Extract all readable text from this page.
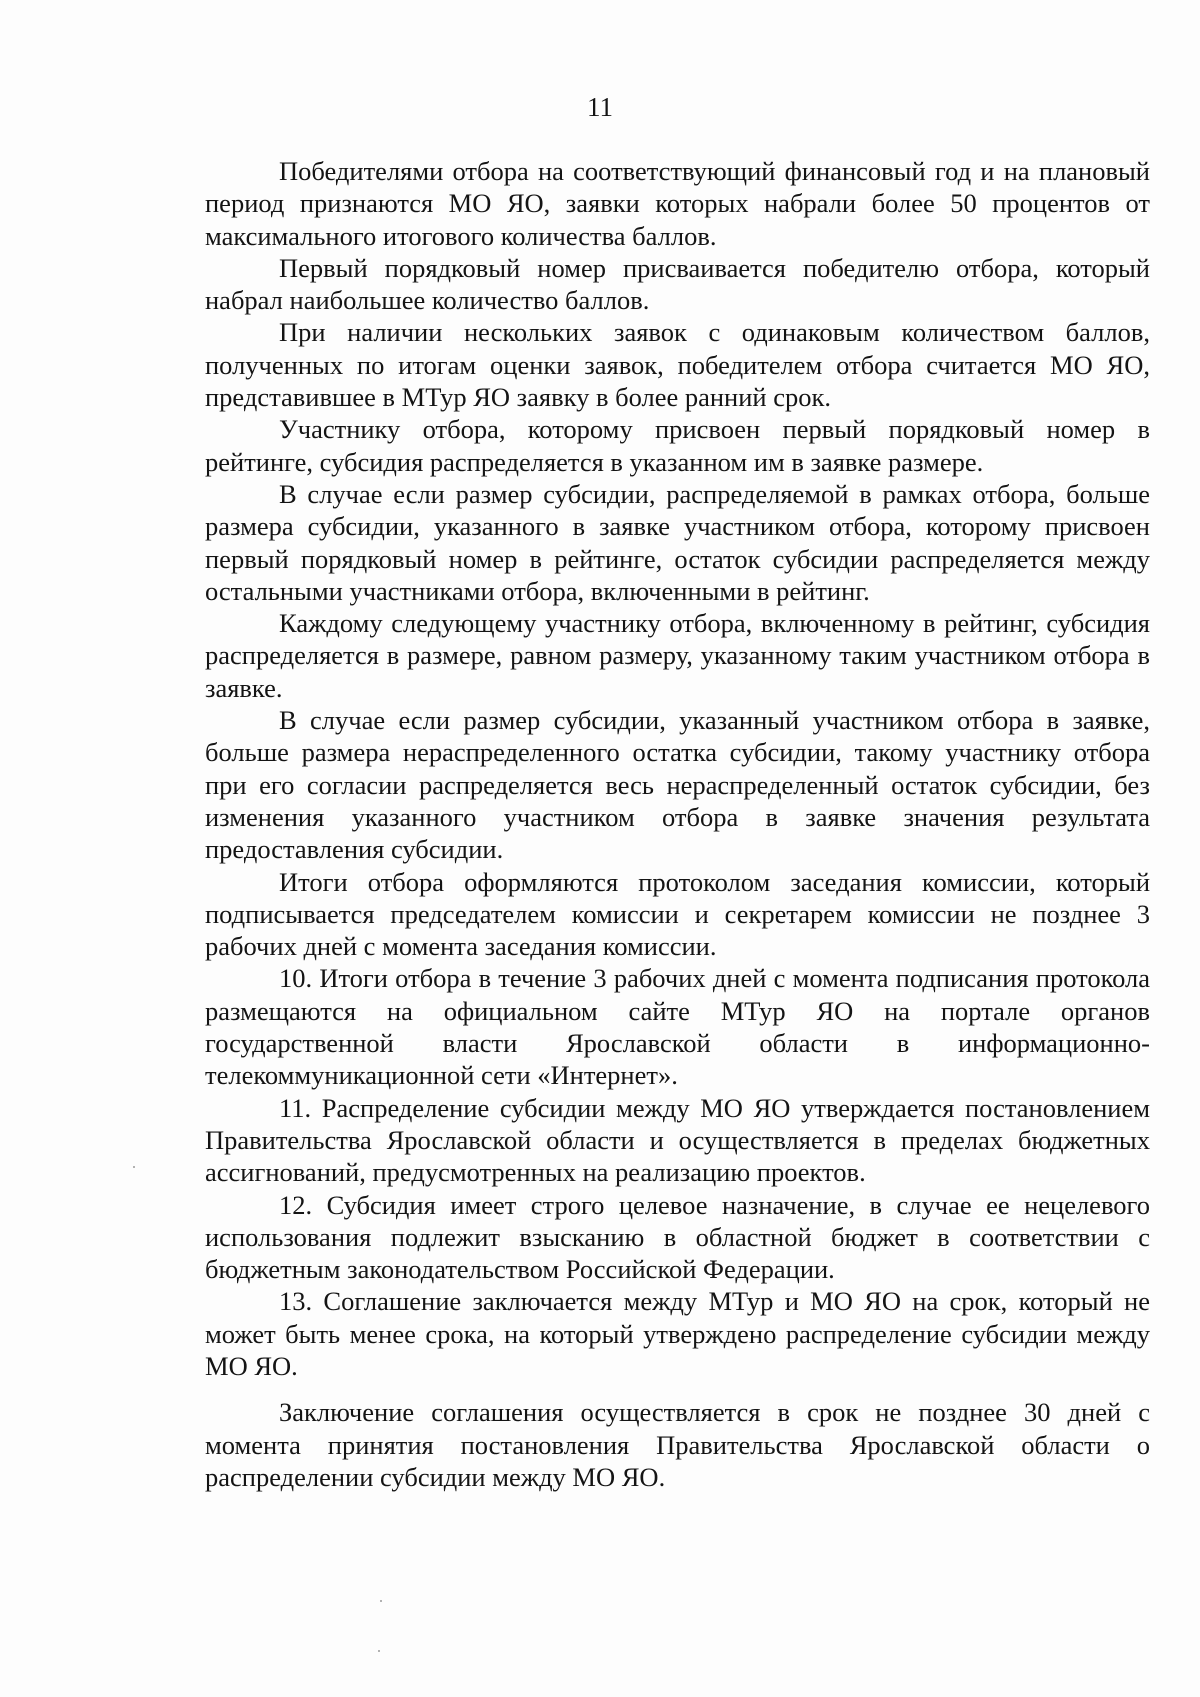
11

Победителями отбора на соответствующий финансовый год и на плановый период признаются МО ЯО, заявки которых набрали более 50 процентов от максимального итогового количества баллов.

Первый порядковый номер присваивается победителю отбора, который набрал наибольшее количество баллов.

При наличии нескольких заявок с одинаковым количеством баллов, полученных по итогам оценки заявок, победителем отбора считается МО ЯО, представившее в МТур ЯО заявку в более ранний срок.

Участнику отбора, которому присвоен первый порядковый номер в рейтинге, субсидия распределяется в указанном им в заявке размере.

В случае если размер субсидии, распределяемой в рамках отбора, больше размера субсидии, указанного в заявке участником отбора, которому присвоен первый порядковый номер в рейтинге, остаток субсидии распределяется между остальными участниками отбора, включенными в рейтинг.

Каждому следующему участнику отбора, включенному в рейтинг, субсидия распределяется в размере, равном размеру, указанному таким участником отбора в заявке.

В случае если размер субсидии, указанный участником отбора в заявке, больше размера нераспределенного остатка субсидии, такому участнику отбора при его согласии распределяется весь нераспределенный остаток субсидии, без изменения указанного участником отбора в заявке значения результата предоставления субсидии.

Итоги отбора оформляются протоколом заседания комиссии, который подписывается председателем комиссии и секретарем комиссии не позднее 3 рабочих дней с момента заседания комиссии.

10. Итоги отбора в течение 3 рабочих дней с момента подписания протокола размещаются на официальном сайте МТур ЯО на портале органов государственной власти Ярославской области в информационно-телекоммуникационной сети «Интернет».

11. Распределение субсидии между МО ЯО утверждается постановлением Правительства Ярославской области и осуществляется в пределах бюджетных ассигнований, предусмотренных на реализацию проектов.

12. Субсидия имеет строго целевое назначение, в случае ее нецелевого использования подлежит взысканию в областной бюджет в соответствии с бюджетным законодательством Российской Федерации.

13. Соглашение заключается между МТур и МО ЯО на срок, который не может быть менее срока, на который утверждено распределение субсидии между МО ЯО.

Заключение соглашения осуществляется в срок не позднее 30 дней с момента принятия постановления Правительства Ярославской области о распределении субсидии между МО ЯО.
